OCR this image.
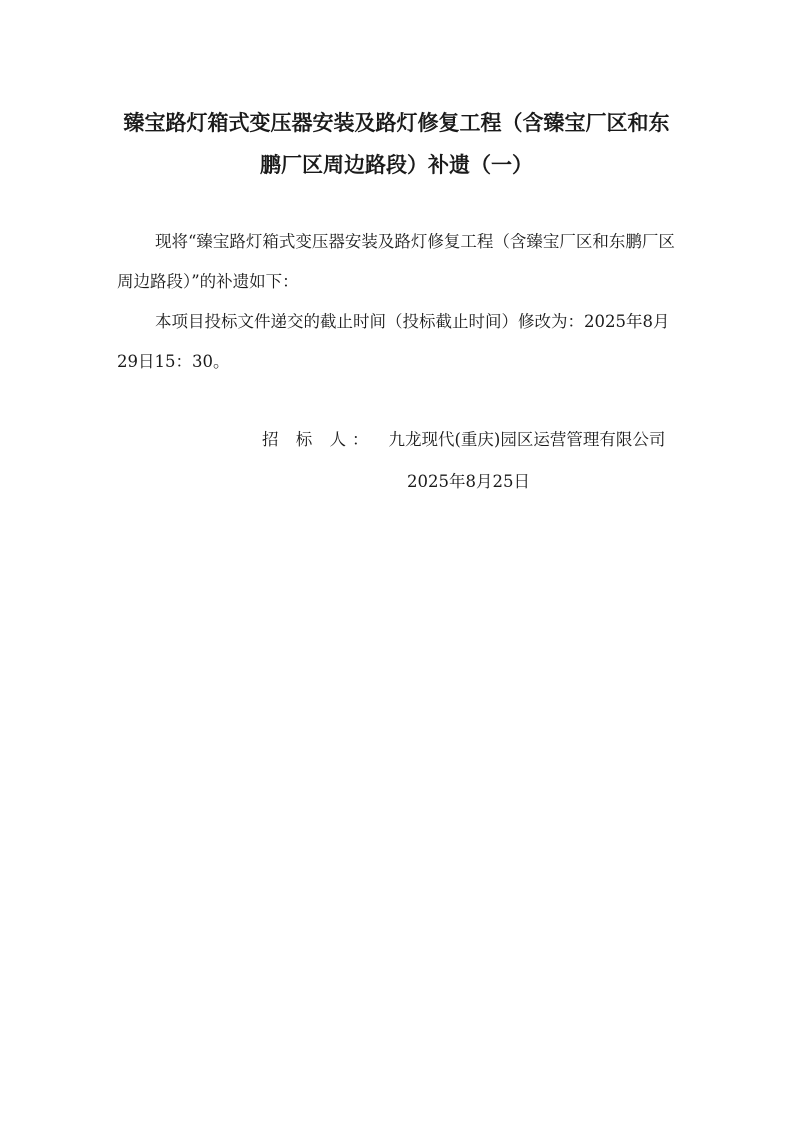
臻宝路灯箱式变压器安装及路灯修复工程（含臻宝厂区和东
鹏厂区周边路段）补遗（一）

现将“臻宝路灯箱式变压器安装及路灯修复工程（含臻宝厂区和东鹏厂区周边路段）”的补遗如下：

本项目投标文件递交的截止时间（投标截止时间）修改为：2025年8月29日15：30。

招 标 人： 九龙现代(重庆)园区运营管理有限公司
2025年8月25日
